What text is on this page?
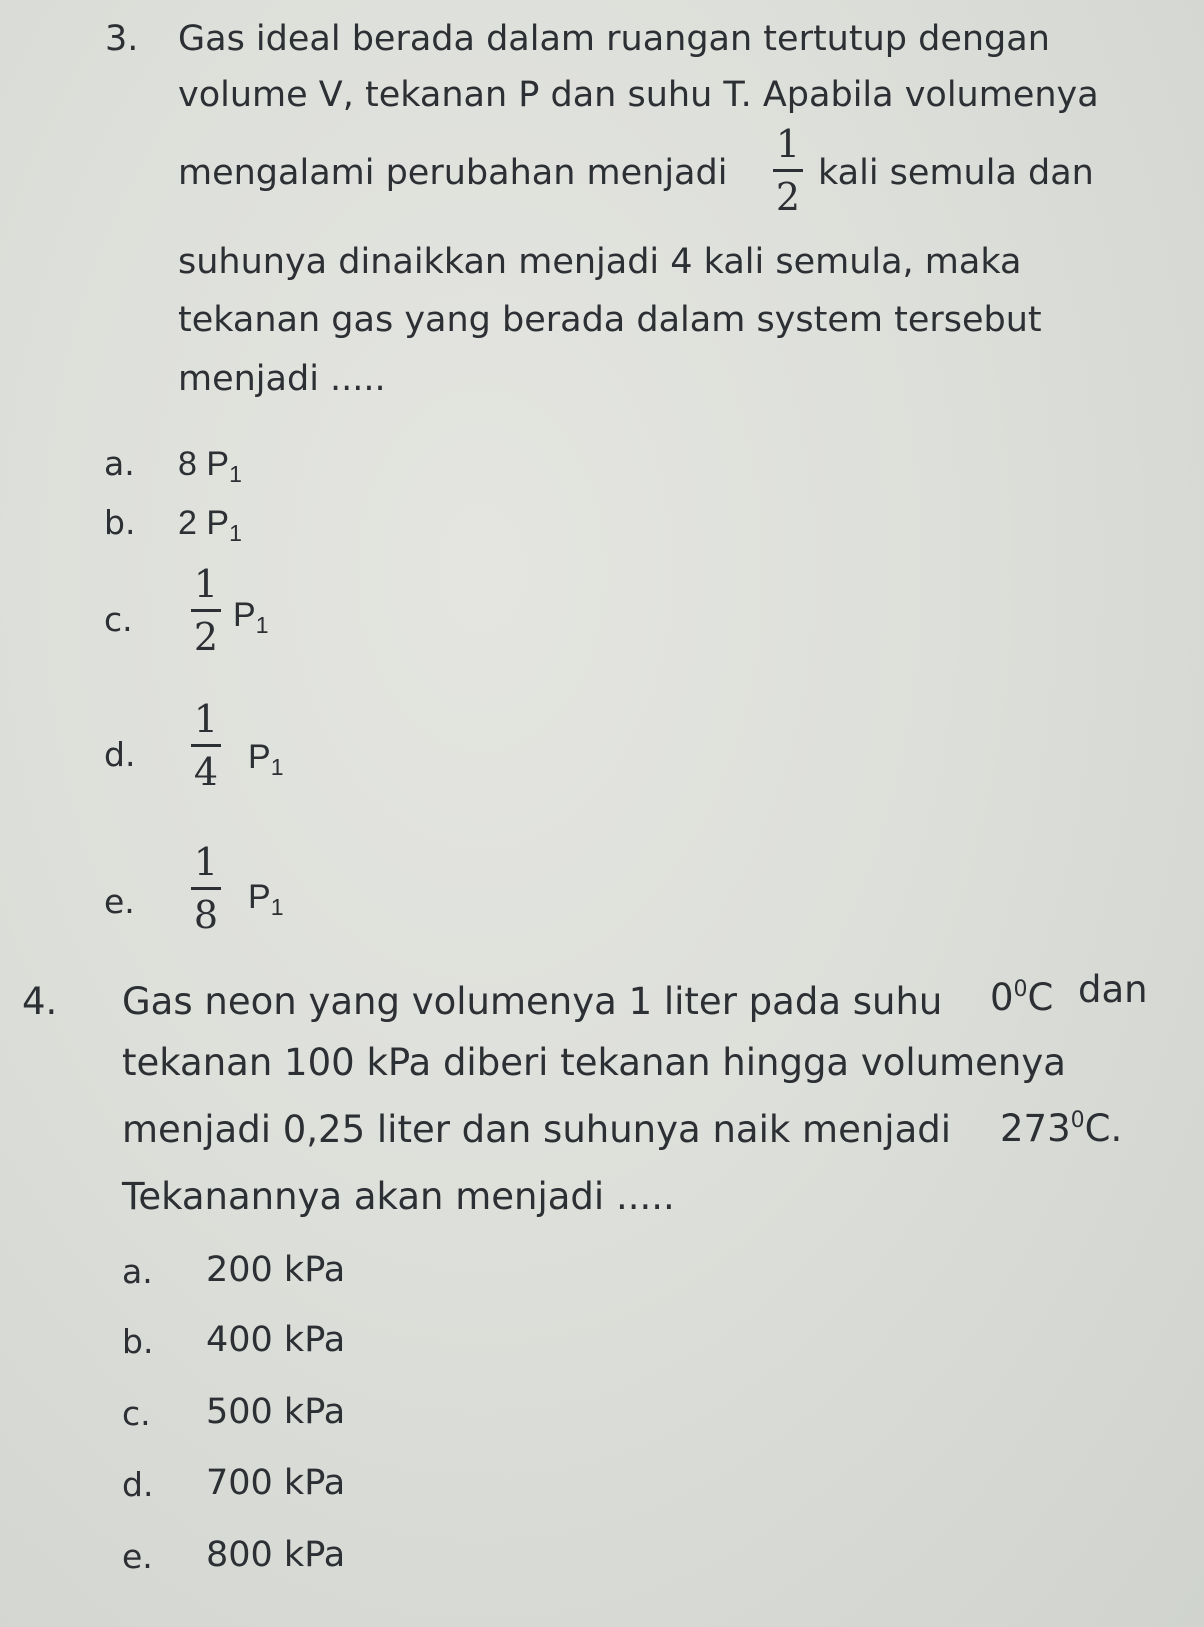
3. Gas ideal berada dalam ruangan tertutup dengan
volume V, tekanan P dan suhu T. Apabila volumenya
mengalami perubahan menjadi
1
2
kali semula dan
suhunya dinaikkan menjadi 4 kali semula, maka
tekanan gas yang berada dalam system tersebut
menjadi .....
a. 8 $P_1$
b. 2 $P_1$
c.
1
2 $P_1$
d.
1
4 $P_1$
e.
1
8 $P_1$
4. Gas neon yang volumenya 1 liter pada suhu $0^0C$ dan
tekanan 100 kPa diberi tekanan hingga volumenya
menjadi 0,25 liter dan suhunya naik menjadi $273^0C$.
Tekanannya akan menjadi .....
a. 200 kPa
b. 400 kPa
c. 500 kPa
d. 700 kPa
e. 800 kPa
